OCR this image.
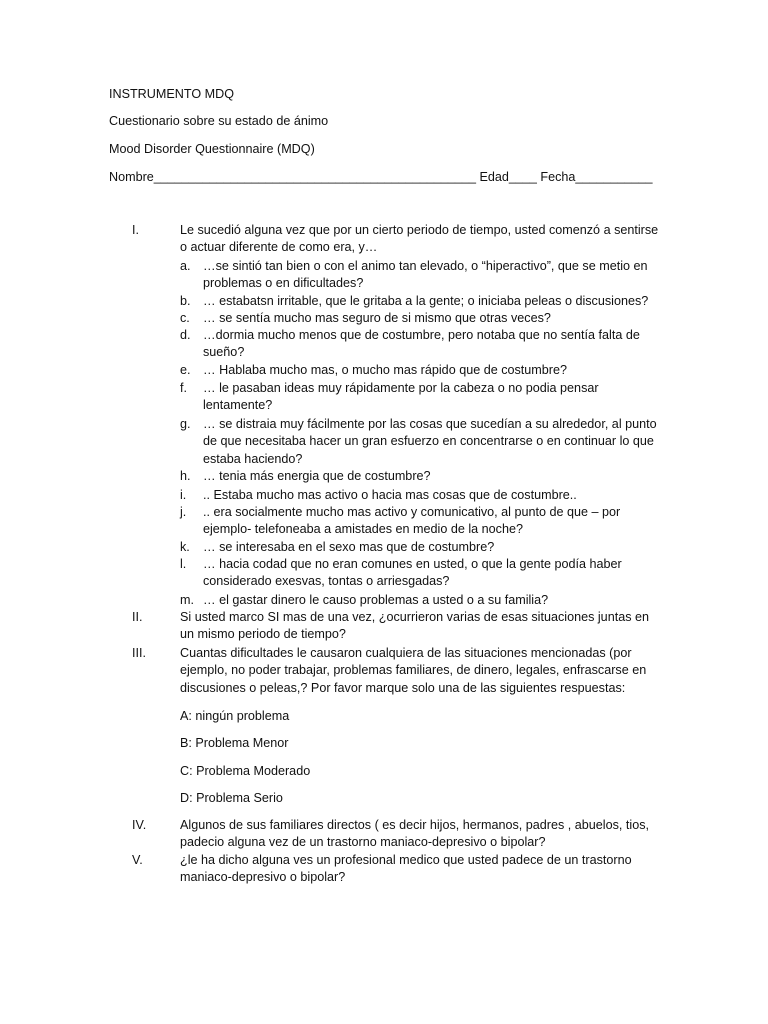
INSTRUMENTO MDQ
Cuestionario sobre su estado de ánimo
Mood Disorder Questionnaire (MDQ)
Nombre______________________________________________ Edad____ Fecha___________
I.	Le sucedió alguna vez que por un cierto periodo de tiempo, usted comenzó a sentirse o actuar diferente de como era, y…
a. …se sintió tan bien o con el animo tan elevado, o “hiperactivo”, que se metio en problemas o en dificultades?
b. … estabatsn irritable, que le gritaba a la gente; o iniciaba peleas o discusiones?
c. … se sentía mucho mas seguro de si mismo que otras veces?
d. …dormia mucho menos que de costumbre, pero notaba que no sentía falta de sueño?
e. … Hablaba mucho mas, o mucho mas rápido que de costumbre?
f. … le pasaban ideas muy rápidamente por la cabeza o no podia pensar lentamente?
g. … se distraia muy fácilmente por las cosas que sucedían a su alrededor, al punto de que necesitaba hacer un gran esfuerzo en concentrarse o en continuar lo que estaba haciendo?
h. … tenia más energia que de costumbre?
i. .. Estaba mucho mas activo o hacia mas cosas que de costumbre..
j. .. era socialmente mucho mas activo y comunicativo, al punto de que – por ejemplo- telefoneaba a amistades en medio de la noche?
k. … se interesaba en el sexo mas que de costumbre?
l. … hacia codad que no eran comunes en usted, o que la gente podía haber considerado exesvas, tontas o arriesgadas?
m. … el gastar dinero le causo problemas a usted o a su familia?
II.	Si usted marco SI mas de una vez, ¿ocurrieron varias de esas situaciones juntas en un mismo periodo de tiempo?
III.	Cuantas dificultades le causaron cualquiera de las situaciones mencionadas (por ejemplo, no poder trabajar, problemas familiares, de dinero, legales, enfrascarse en discusiones o peleas,? Por favor marque solo una de las siguientes respuestas:
A: ningún problema
B: Problema Menor
C: Problema Moderado
D: Problema Serio
IV.	Algunos de sus familiares directos ( es decir hijos, hermanos, padres , abuelos, tios, padecio alguna vez de un trastorno maniaco-depresivo o bipolar?
V.	¿le ha dicho alguna ves un profesional medico que usted padece de un trastorno maniaco-depresivo o bipolar?
